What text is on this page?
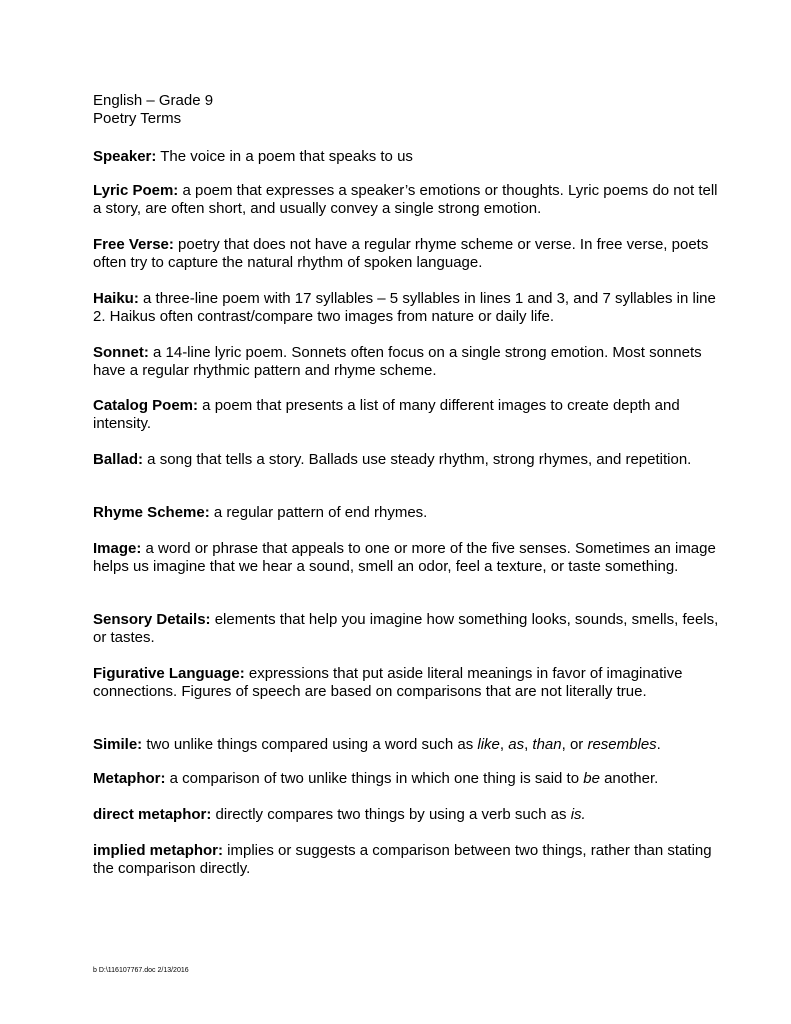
English – Grade 9
Poetry Terms
Speaker: The voice in a poem that speaks to us
Lyric Poem: a poem that expresses a speaker’s emotions or thoughts. Lyric poems do not tell a story, are often short, and usually convey a single strong emotion.
Free Verse: poetry that does not have a regular rhyme scheme or verse. In free verse, poets often try to capture the natural rhythm of spoken language.
Haiku: a three-line poem with 17 syllables – 5 syllables in lines 1 and 3, and 7 syllables in line 2. Haikus often contrast/compare two images from nature or daily life.
Sonnet: a 14-line lyric poem. Sonnets often focus on a single strong emotion. Most sonnets have a regular rhythmic pattern and rhyme scheme.
Catalog Poem: a poem that presents a list of many different images to create depth and intensity.
Ballad: a song that tells a story. Ballads use steady rhythm, strong rhymes, and repetition.
Rhyme Scheme: a regular pattern of end rhymes.
Image: a word or phrase that appeals to one or more of the five senses. Sometimes an image helps us imagine that we hear a sound, smell an odor, feel a texture, or taste something.
Sensory Details: elements that help you imagine how something looks, sounds, smells, feels, or tastes.
Figurative Language: expressions that put aside literal meanings in favor of imaginative connections. Figures of speech are based on comparisons that are not literally true.
Simile: two unlike things compared using a word such as like, as, than, or resembles.
Metaphor: a comparison of two unlike things in which one thing is said to be another.
direct metaphor: directly compares two things by using a verb such as is.
implied metaphor: implies or suggests a comparison between two things, rather than stating the comparison directly.
b D:\116107767.doc 2/13/2016
